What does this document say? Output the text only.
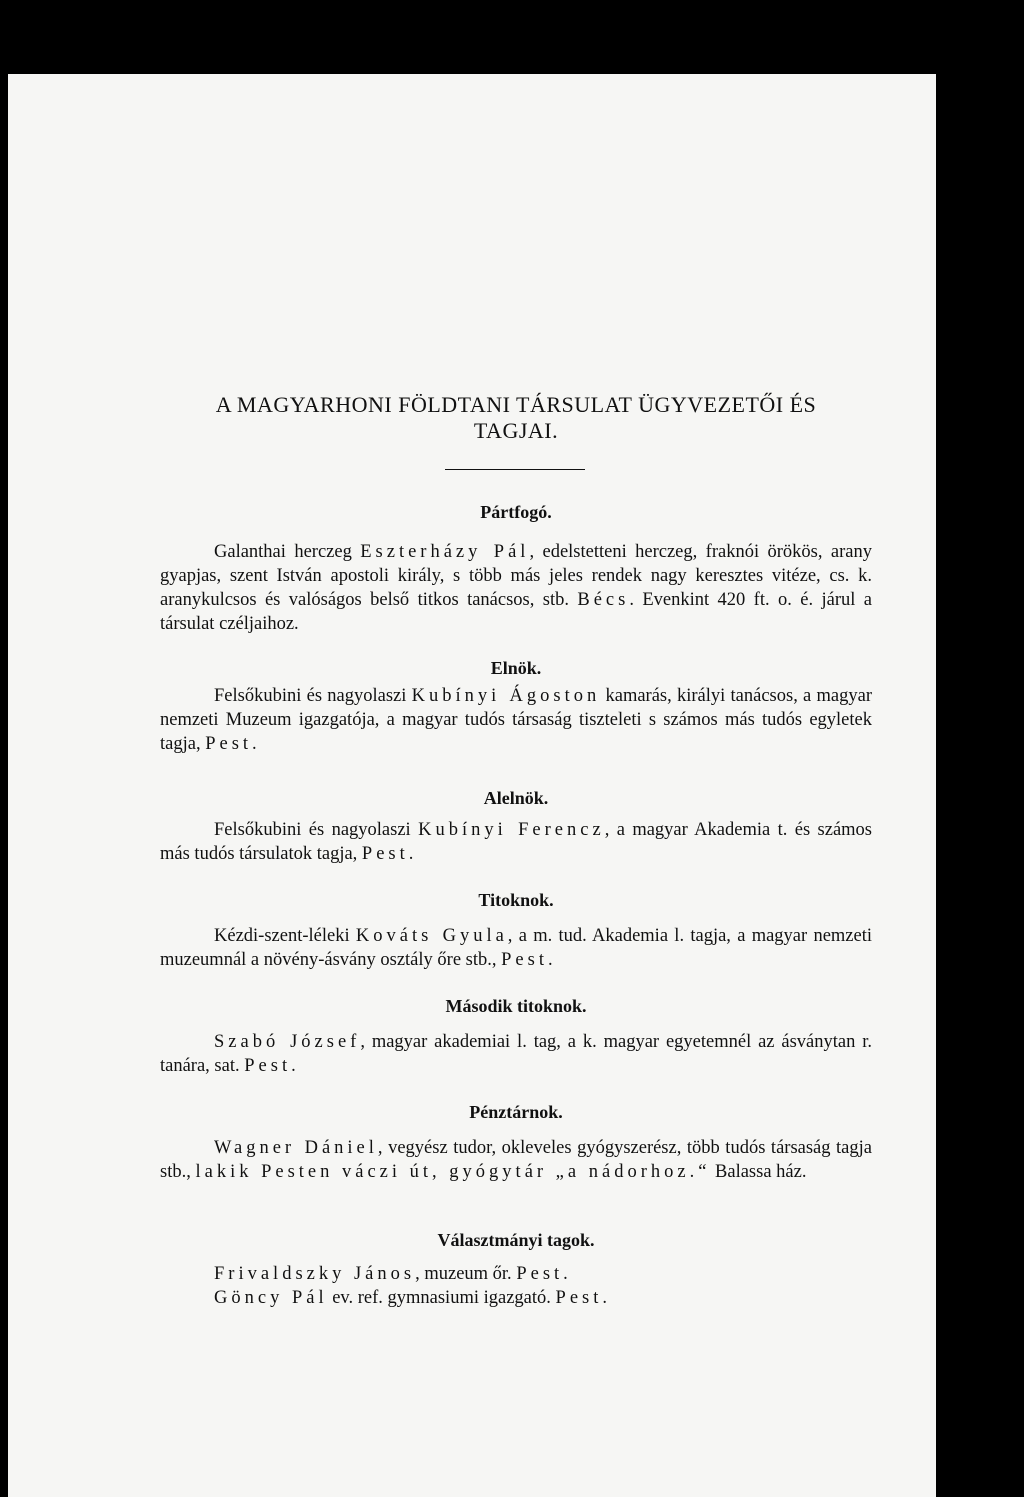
A MAGYARHONI FÖLDTANI TÁRSULAT ÜGYVEZETŐI ÉS
TAGJAI.
Pártfogó.

Galanthai herczeg Eszterházy Pál, edelstetteni herczeg, fraknói örökös, arany gyapjas, szent István apostoli király, s több más jeles rendek nagy keresztes vitéze, cs. k. aranykulcsos és valóságos belső titkos tanácsos, stb. Bécs. Evenkint 420 ft. o. é. járul a társulat czéljaihoz.

Elnök.

Felsőkubini és nagyolaszi Kubínyi Ágoston kamarás, királyi tanácsos, a magyar nemzeti Muzeum igazgatója, a magyar tudós társaság tiszteleti s számos más tudós egyletek tagja, Pest.

Alelnök.

Felsőkubini és nagyolaszi Kubínyi Ferencz, a magyar Akademia t. és számos más tudós társulatok tagja, Pest.

Titoknok.

Kézdi-szent-léleki Kováts Gyula, a m. tud. Akademia l. tagja, a magyar nemzeti muzeumnál a növény-ásvány osztály őre stb., Pest.

Második titoknok.

Szabó József, magyar akademiai l. tag, a k. magyar egyetemnél az ásványtan r. tanára, sat. Pest.

Pénztárnok.

Wagner Dániel, vegyész tudor, okleveles gyógyszerész, több tudós társaság tagja stb., lakik Pesten váczi út, gyógytár „a nádorhoz.“ Balassa ház.

Választmányi tagok.

Frivaldszky János, muzeum őr. Pest.

Göncy Pál ev. ref. gymnasiumi igazgató. Pest.
